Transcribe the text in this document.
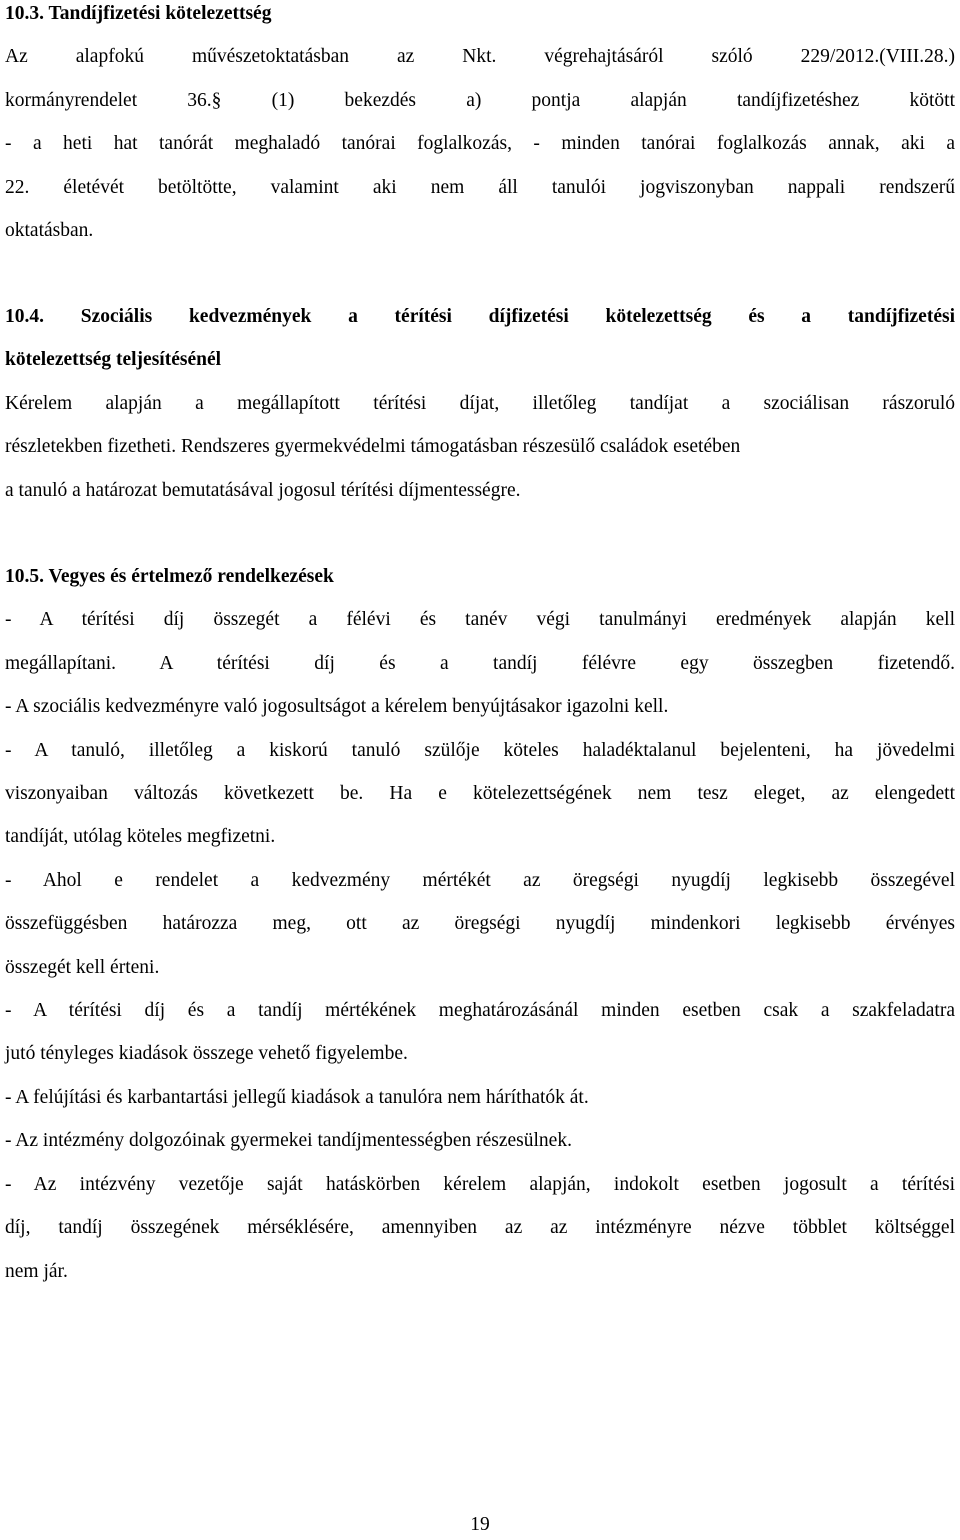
10.3. Tandíjfizetési kötelezettség

Az alapfokú művészetoktatásban az Nkt. végrehajtásáról szóló 229/2012.(VIII.28.)

kormányrendelet 36.§ (1) bekezdés a) pontja alapján tandíjfizetéshez kötött

- a heti hat tanórát meghaladó tanórai foglalkozás, - minden tanórai foglalkozás annak, aki a

22. életévét betöltötte, valamint aki nem áll tanulói jogviszonyban nappali rendszerű

oktatásban.

10.4. Szociális kedvezmények a térítési díjfizetési kötelezettség és a tandíjfizetési

kötelezettség teljesítésénél

Kérelem alapján a megállapított térítési díjat, illetőleg tandíjat a szociálisan rászoruló

részletekben fizetheti. Rendszeres gyermekvédelmi támogatásban részesülő családok esetében

a tanuló a határozat bemutatásával jogosul térítési díjmentességre.

10.5. Vegyes és értelmező rendelkezések

- A térítési díj összegét a félévi és tanév végi tanulmányi eredmények alapján kell

megállapítani. A térítési díj és a tandíj félévre egy összegben fizetendő.

- A szociális kedvezményre való jogosultságot a kérelem benyújtásakor igazolni kell.

- A tanuló, illetőleg a kiskorú tanuló szülője köteles haladéktalanul bejelenteni, ha jövedelmi

viszonyaiban változás következett be. Ha e kötelezettségének nem tesz eleget, az elengedett

tandíját, utólag köteles megfizetni.

- Ahol e rendelet a kedvezmény mértékét az öregségi nyugdíj legkisebb összegével

összefüggésben határozza meg, ott az öregségi nyugdíj mindenkori legkisebb érvényes

összegét kell érteni.

- A térítési díj és a tandíj mértékének meghatározásánál minden esetben csak a szakfeladatra

jutó tényleges kiadások összege vehető figyelembe.

- A felújítási és karbantartási jellegű kiadások a tanulóra nem háríthatók át.

- Az intézmény dolgozóinak gyermekei tandíjmentességben részesülnek.

- Az intézvény vezetője saját hatáskörben kérelem alapján, indokolt esetben jogosult a térítési

díj, tandíj összegének mérséklésére, amennyiben az az intézményre nézve többlet költséggel

nem jár.

19
